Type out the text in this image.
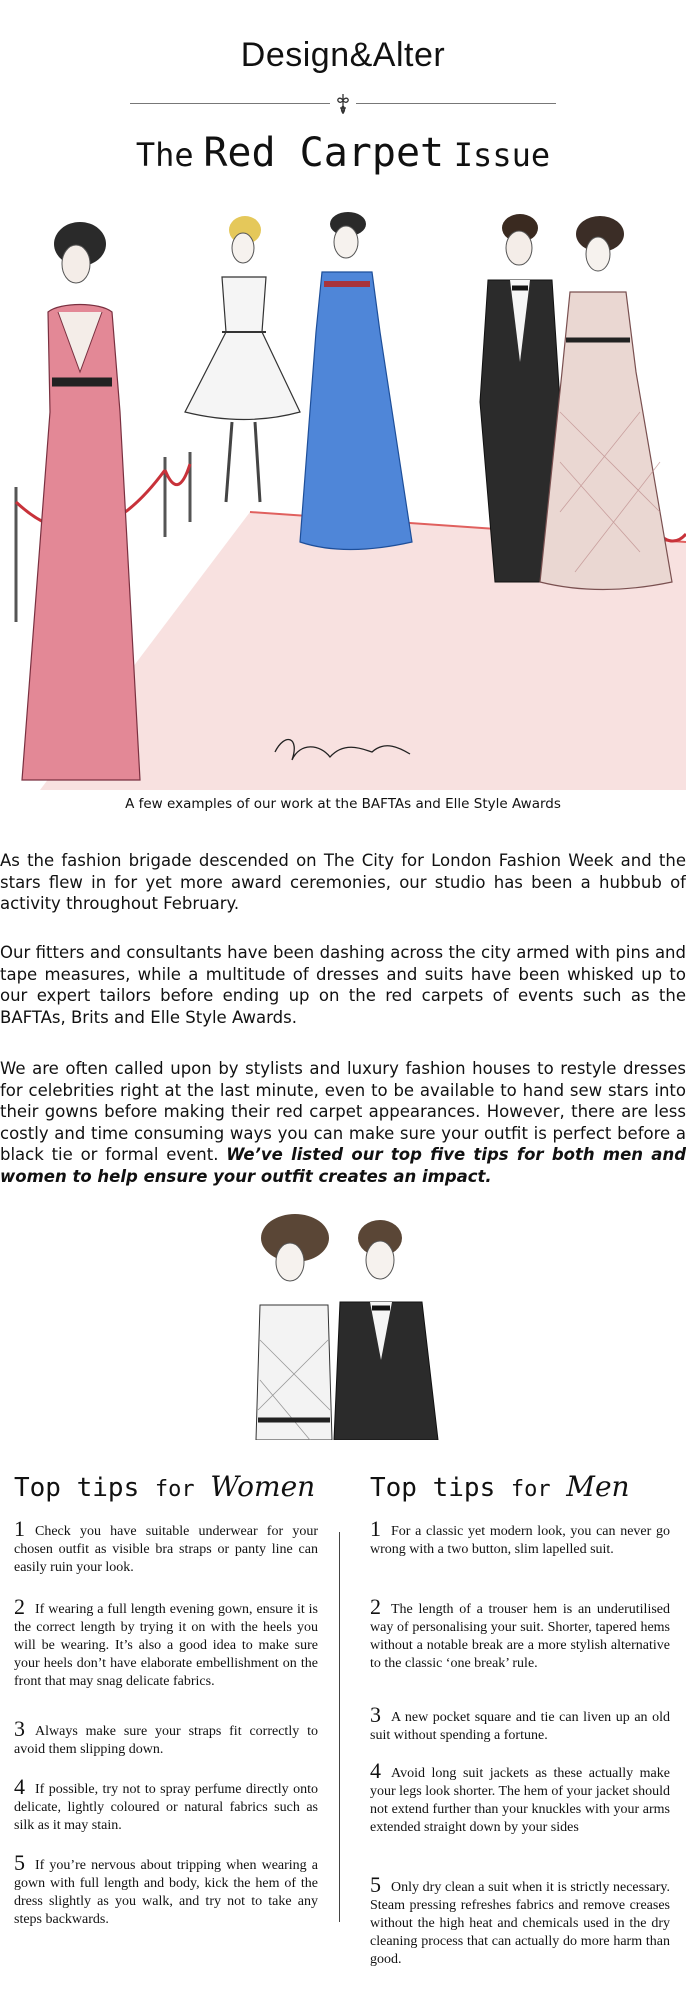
Design&Alter
The Red Carpet Issue
A few examples of our work at the BAFTAs and Elle Style Awards

As the fashion brigade descended on The City for London Fashion Week and the stars flew in for yet more award ceremonies, our studio has been a hubbub of activity throughout February.

Our fitters and consultants have been dashing across the city armed with pins and tape measures, while a multitude of dresses and suits have been whisked up to our expert tailors before ending up on the red carpets of events such as the BAFTAs, Brits and Elle Style Awards.

We are often called upon by stylists and luxury fashion houses to restyle dresses for celebrities right at the last minute, even to be available to hand sew stars into their gowns before making their red carpet appearances. However, there are less costly and time consuming ways you can make sure your outfit is perfect before a black tie or formal event. We’ve listed our top five tips for both men and women to help ensure your outfit creates an impact.

Top tips for Women
1 Check you have suitable underwear for your chosen outfit as visible bra straps or panty line can easily ruin your look.
2 If wearing a full length evening gown, ensure it is the correct length by trying it on with the heels you will be wearing. It’s also a good idea to make sure your heels don’t have elaborate embellishment on the front that may snag delicate fabrics.
3 Always make sure your straps fit correctly to avoid them slipping down.
4 If possible, try not to spray perfume directly onto delicate, lightly coloured or natural fabrics such as silk as it may stain.
5 If you’re nervous about tripping when wearing a gown with full length and body, kick the hem of the dress slightly as you walk, and try not to take any steps backwards.
Top tips for Men
1 For a classic yet modern look, you can never go wrong with a two button, slim lapelled suit.
2 The length of a trouser hem is an underutilised way of personalising your suit. Shorter, tapered hems without a notable break are a more stylish alternative to the classic ‘one break’ rule.
3 A new pocket square and tie can liven up an old suit without spending a fortune.
4 Avoid long suit jackets as these actually make your legs look shorter. The hem of your jacket should not extend further than your knuckles with your arms extended straight down by your sides
5 Only dry clean a suit when it is strictly necessary. Steam pressing refreshes fabrics and remove creases without the high heat and chemicals used in the dry cleaning process that can actually do more harm than good.
